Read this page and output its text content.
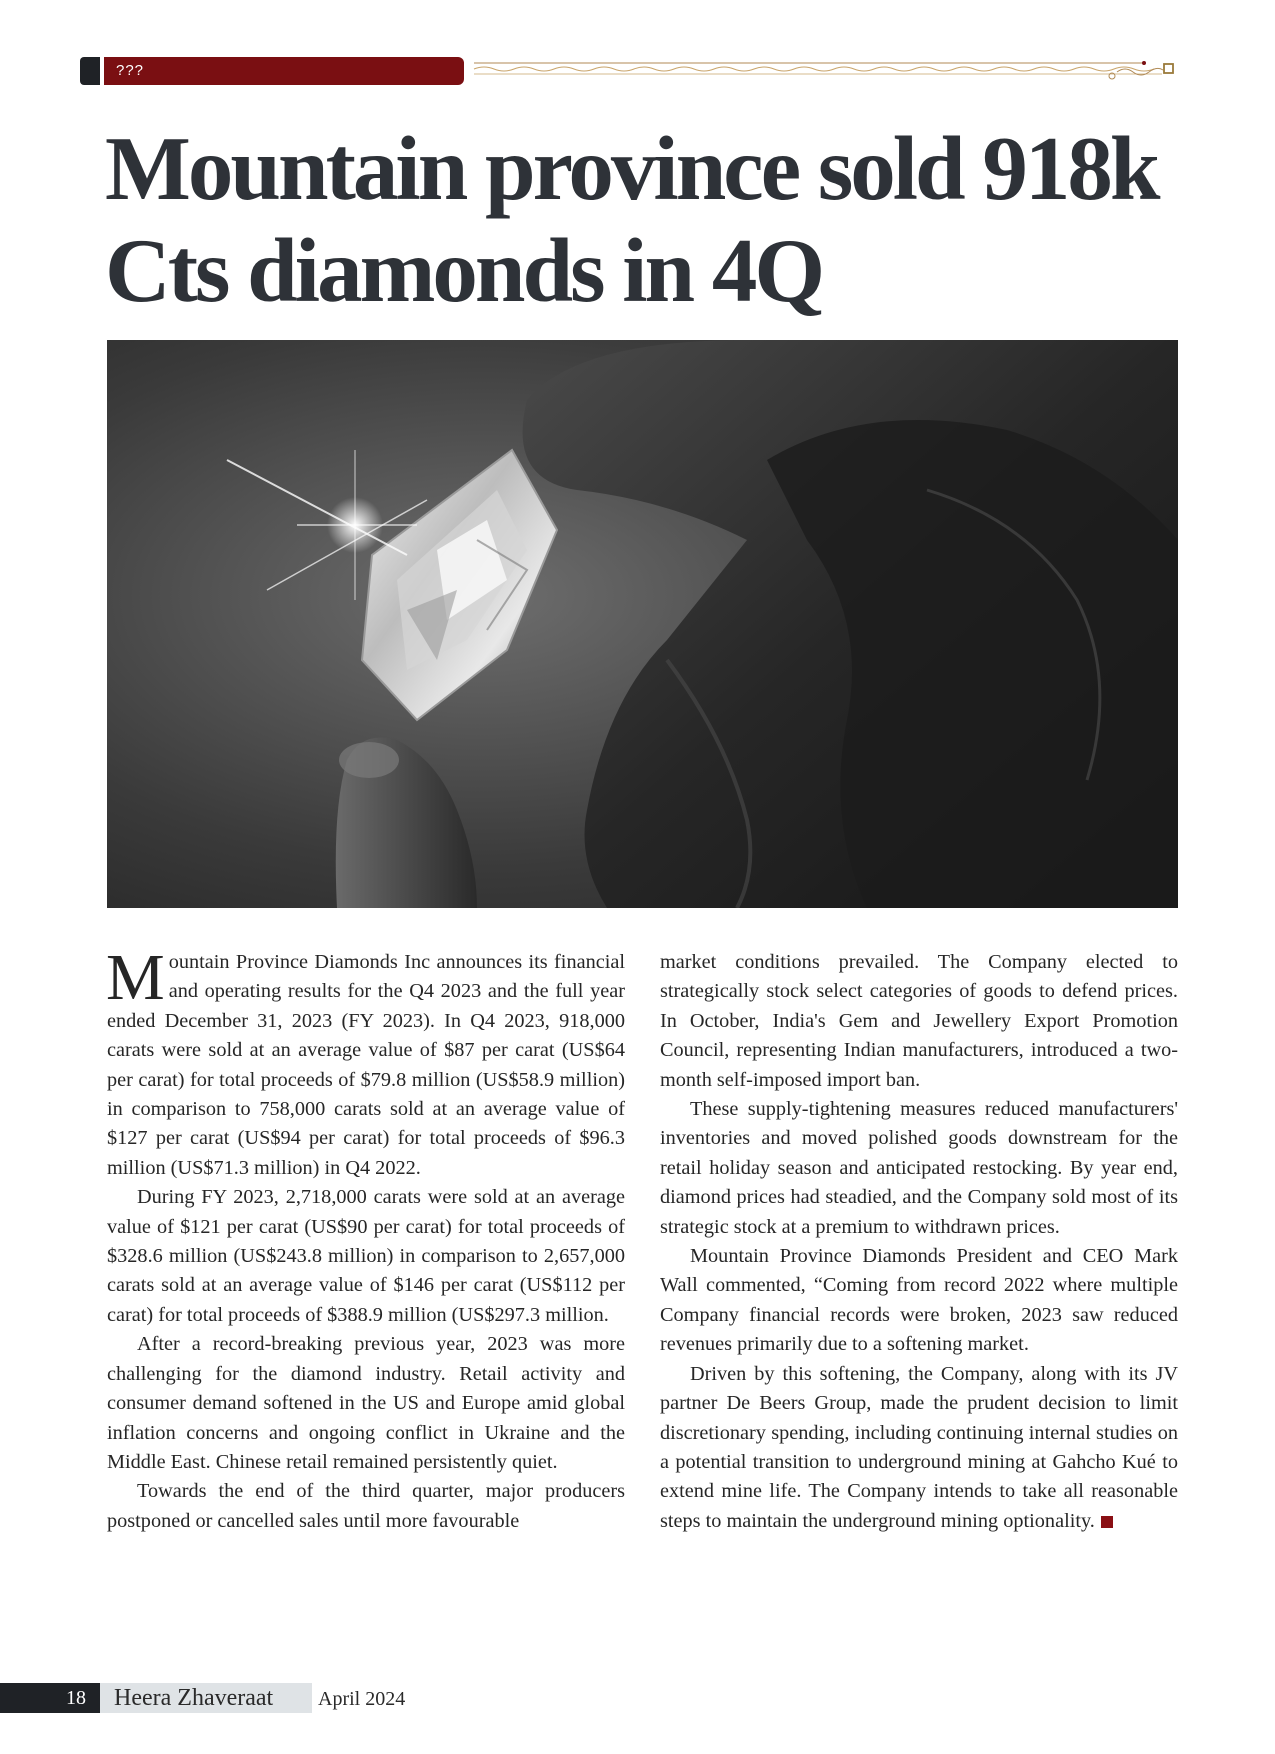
???
Mountain province sold 918k Cts diamonds in 4Q

Mountain Province Diamonds Inc announces its financial and operating results for the Q4 2023 and the full year ended December 31, 2023 (FY 2023). In Q4 2023, 918,000 carats were sold at an average value of $87 per carat (US$64 per carat) for total proceeds of $79.8 million (US$58.9 million) in comparison to 758,000 carats sold at an average value of $127 per carat (US$94 per carat) for total proceeds of $96.3 million (US$71.3 million) in Q4 2022.

During FY 2023, 2,718,000 carats were sold at an average value of $121 per carat (US$90 per carat) for total proceeds of $328.6 million (US$243.8 million) in comparison to 2,657,000 carats sold at an average value of $146 per carat (US$112 per carat) for total proceeds of $388.9 million (US$297.3 million.

After a record-breaking previous year, 2023 was more challenging for the diamond industry. Retail activity and consumer demand softened in the US and Europe amid global inflation concerns and ongoing conflict in Ukraine and the Middle East. Chinese retail remained persistently quiet.

Towards the end of the third quarter, major producers postponed or cancelled sales until more favourable

market conditions prevailed. The Company elected to strategically stock select categories of goods to defend prices. In October, India's Gem and Jewellery Export Promotion Council, representing Indian manufacturers, introduced a two-month self-imposed import ban.

These supply-tightening measures reduced manufacturers' inventories and moved polished goods downstream for the retail holiday season and anticipated restocking. By year end, diamond prices had steadied, and the Company sold most of its strategic stock at a premium to withdrawn prices.

Mountain Province Diamonds President and CEO Mark Wall commented, “Coming from record 2022 where multiple Company financial records were broken, 2023 saw reduced revenues primarily due to a softening market.

Driven by this softening, the Company, along with its JV partner De Beers Group, made the prudent decision to limit discretionary spending, including continuing internal studies on a potential transition to underground mining at Gahcho Kué to extend mine life. The Company intends to take all reasonable steps to maintain the underground mining optionality.

18 Heera Zhaveraat April 2024
